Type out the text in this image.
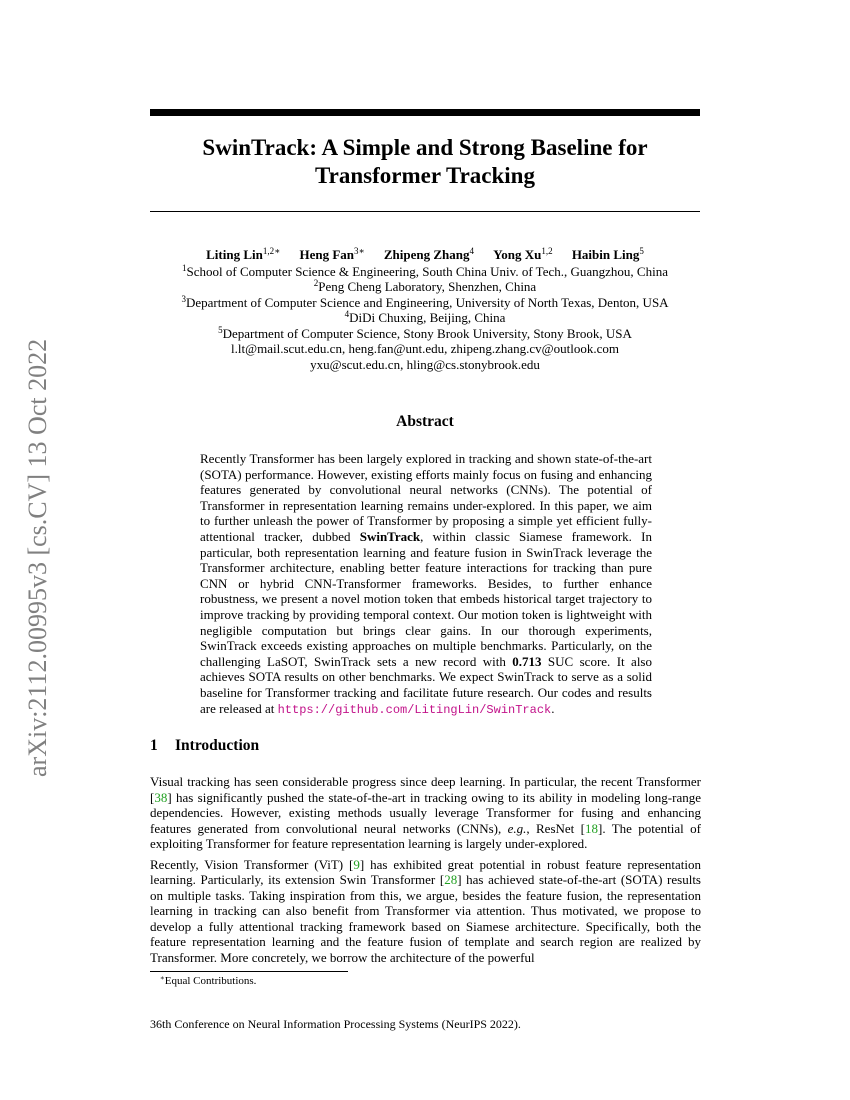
arXiv:2112.00995v3 [cs.CV] 13 Oct 2022
SwinTrack: A Simple and Strong Baseline for
Transformer Tracking
Liting Lin$^{1,2∗}$ Heng Fan$^{3∗}$ Zhipeng Zhang$^4$ Yong Xu$^{1,2}$ Haibin Ling$^5$
$^1$School of Computer Science & Engineering, South China Univ. of Tech., Guangzhou, China
$^2$Peng Cheng Laboratory, Shenzhen, China
$^3$Department of Computer Science and Engineering, University of North Texas, Denton, USA
$^4$DiDi Chuxing, Beijing, China
$^5$Department of Computer Science, Stony Brook University, Stony Brook, USA
l.lt@mail.scut.edu.cn, heng.fan@unt.edu, zhipeng.zhang.cv@outlook.com
yxu@scut.edu.cn, hling@cs.stonybrook.edu
Abstract
Recently Transformer has been largely explored in tracking and shown state-of-the-art (SOTA) performance. However, existing efforts mainly focus on fusing and enhancing features generated by convolutional neural networks (CNNs). The potential of Transformer in representation learning remains under-explored. In this paper, we aim to further unleash the power of Transformer by proposing a simple yet efficient fully-attentional tracker, dubbed SwinTrack, within classic Siamese framework. In particular, both representation learning and feature fusion in SwinTrack leverage the Transformer architecture, enabling better feature interactions for tracking than pure CNN or hybrid CNN-Transformer frameworks. Besides, to further enhance robustness, we present a novel motion token that embeds historical target trajectory to improve tracking by providing temporal context. Our motion token is lightweight with negligible computation but brings clear gains. In our thorough experiments, SwinTrack exceeds existing approaches on multiple benchmarks. Particularly, on the challenging LaSOT, SwinTrack sets a new record with 0.713 SUC score. It also achieves SOTA results on other benchmarks. We expect SwinTrack to serve as a solid baseline for Transformer tracking and facilitate future research. Our codes and results are released at https://github.com/LitingLin/SwinTrack.
1 Introduction

Visual tracking has seen considerable progress since deep learning. In particular, the recent Transformer [38] has significantly pushed the state-of-the-art in tracking owing to its ability in modeling long-range dependencies. However, existing methods usually leverage Transformer for fusing and enhancing features generated from convolutional neural networks (CNNs), e.g., ResNet [18]. The potential of exploiting Transformer for feature representation learning is largely under-explored.

Recently, Vision Transformer (ViT) [9] has exhibited great potential in robust feature representation learning. Particularly, its extension Swin Transformer [28] has achieved state-of-the-art (SOTA) results on multiple tasks. Taking inspiration from this, we argue, besides the feature fusion, the representation learning in tracking can also benefit from Transformer via attention. Thus motivated, we propose to develop a fully attentional tracking framework based on Siamese architecture. Specifically, both the feature representation learning and the feature fusion of template and search region are realized by Transformer. More concretely, we borrow the architecture of the powerful

∗Equal Contributions.
36th Conference on Neural Information Processing Systems (NeurIPS 2022).
